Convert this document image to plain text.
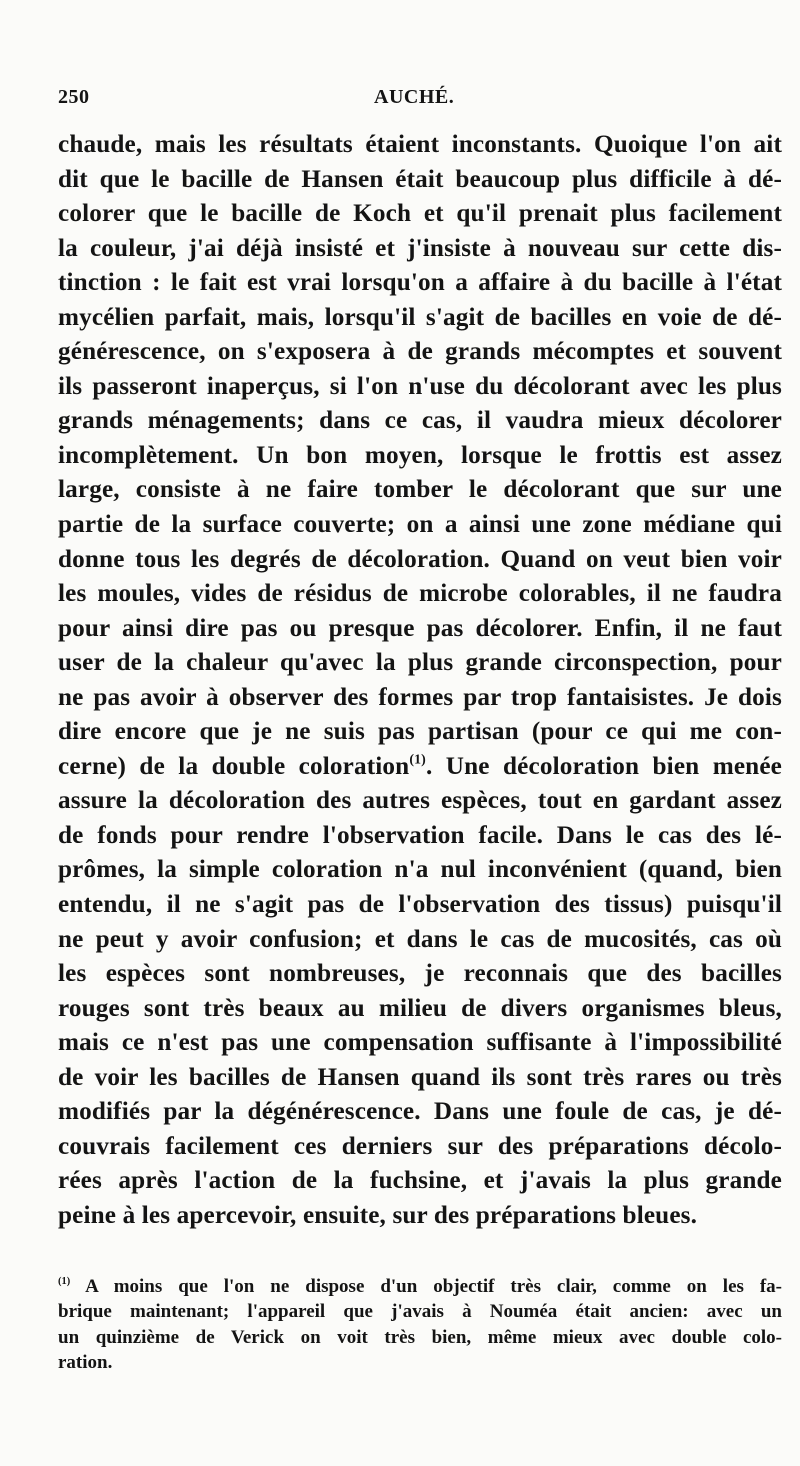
250	AUCHÉ.
chaude, mais les résultats étaient inconstants. Quoique l'on ait
dit que le bacille de Hansen était beaucoup plus difficile à dé-
colorer que le bacille de Koch et qu'il prenait plus facilement
la couleur, j'ai déjà insisté et j'insiste à nouveau sur cette dis-
tinction : le fait est vrai lorsqu'on a affaire à du bacille à l'état
mycélien parfait, mais, lorsqu'il s'agit de bacilles en voie de dé-
générescence, on s'exposera à de grands mécomptes et souvent
ils passeront inaperçus, si l'on n'use du décolorant avec les plus
grands ménagements; dans ce cas, il vaudra mieux décolorer
incomplètement. Un bon moyen, lorsque le frottis est assez
large, consiste à ne faire tomber le décolorant que sur une
partie de la surface couverte; on a ainsi une zone médiane qui
donne tous les degrés de décoloration. Quand on veut bien voir
les moules, vides de résidus de microbe colorables, il ne faudra
pour ainsi dire pas ou presque pas décolorer. Enfin, il ne faut
user de la chaleur qu'avec la plus grande circonspection, pour
ne pas avoir à observer des formes par trop fantaisistes. Je dois
dire encore que je ne suis pas partisan (pour ce qui me con-
cerne) de la double coloration$^{(1)}$. Une décoloration bien menée
assure la décoloration des autres espèces, tout en gardant assez
de fonds pour rendre l'observation facile. Dans le cas des lé-
prômes, la simple coloration n'a nul inconvénient (quand, bien
entendu, il ne s'agit pas de l'observation des tissus) puisqu'il
ne peut y avoir confusion; et dans le cas de mucosités, cas où
les espèces sont nombreuses, je reconnais que des bacilles
rouges sont très beaux au milieu de divers organismes bleus,
mais ce n'est pas une compensation suffisante à l'impossibilité
de voir les bacilles de Hansen quand ils sont très rares ou très
modifiés par la dégénérescence. Dans une foule de cas, je dé-
couvrais facilement ces derniers sur des préparations décolo-
rées après l'action de la fuchsine, et j'avais la plus grande
peine à les apercevoir, ensuite, sur des préparations bleues.
$^{(1)}$ A moins que l'on ne dispose d'un objectif très clair, comme on les fa-
brique maintenant; l'appareil que j'avais à Nouméa était ancien: avec un
un quinzième de Verick on voit très bien, même mieux avec double colo-
ration.
